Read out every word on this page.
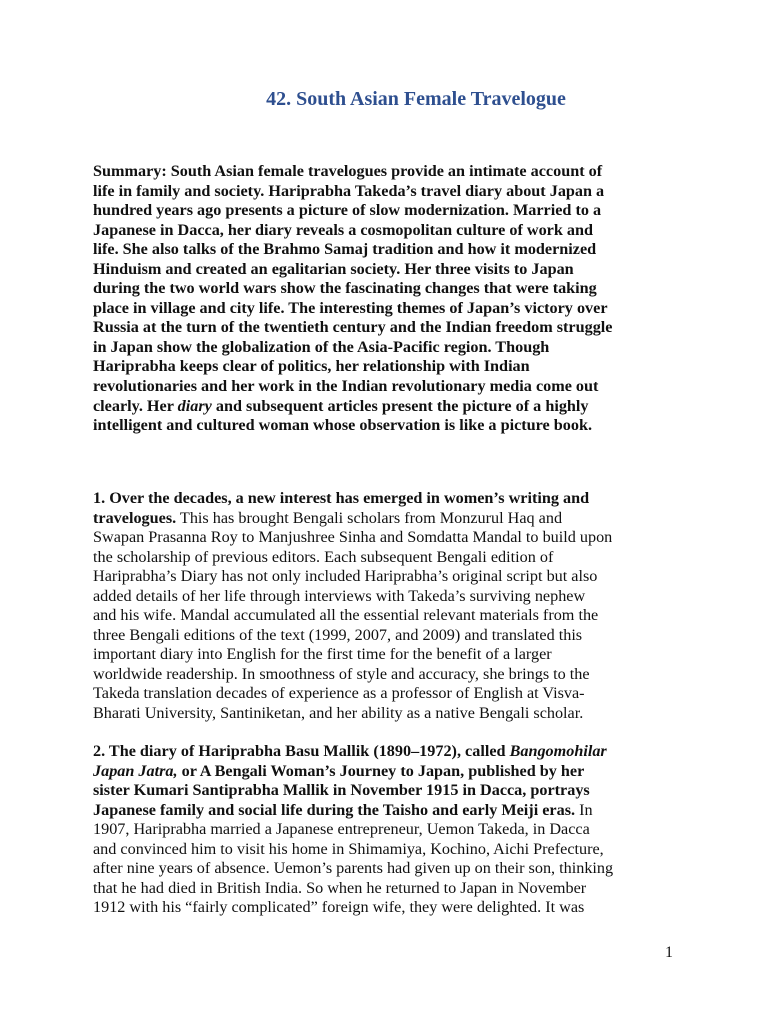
42. South Asian Female Travelogue
Summary: South Asian female travelogues provide an intimate account of
life in family and society. Hariprabha Takeda’s travel diary about Japan a
hundred years ago presents a picture of slow modernization. Married to a
Japanese in Dacca, her diary reveals a cosmopolitan culture of work and
life. She also talks of the Brahmo Samaj tradition and how it modernized
Hinduism and created an egalitarian society. Her three visits to Japan
during the two world wars show the fascinating changes that were taking
place in village and city life. The interesting themes of Japan’s victory over
Russia at the turn of the twentieth century and the Indian freedom struggle
in Japan show the globalization of the Asia-Pacific region. Though
Hariprabha keeps clear of politics, her relationship with Indian
revolutionaries and her work in the Indian revolutionary media come out
clearly. Her diary and subsequent articles present the picture of a highly
intelligent and cultured woman whose observation is like a picture book.
1. Over the decades, a new interest has emerged in women’s writing and
travelogues. This has brought Bengali scholars from Monzurul Haq and
Swapan Prasanna Roy to Manjushree Sinha and Somdatta Mandal to build upon
the scholarship of previous editors. Each subsequent Bengali edition of
Hariprabha’s Diary has not only included Hariprabha’s original script but also
added details of her life through interviews with Takeda’s surviving nephew
and his wife. Mandal accumulated all the essential relevant materials from the
three Bengali editions of the text (1999, 2007, and 2009) and translated this
important diary into English for the first time for the benefit of a larger
worldwide readership. In smoothness of style and accuracy, she brings to the
Takeda translation decades of experience as a professor of English at Visva-
Bharati University, Santiniketan, and her ability as a native Bengali scholar.
2. The diary of Hariprabha Basu Mallik (1890–1972), called Bangomohilar
Japan Jatra, or A Bengali Woman’s Journey to Japan, published by her
sister Kumari Santiprabha Mallik in November 1915 in Dacca, portrays
Japanese family and social life during the Taisho and early Meiji eras. In
1907, Hariprabha married a Japanese entrepreneur, Uemon Takeda, in Dacca
and convinced him to visit his home in Shimamiya, Kochino, Aichi Prefecture,
after nine years of absence. Uemon’s parents had given up on their son, thinking
that he had died in British India. So when he returned to Japan in November
1912 with his “fairly complicated” foreign wife, they were delighted. It was
1
